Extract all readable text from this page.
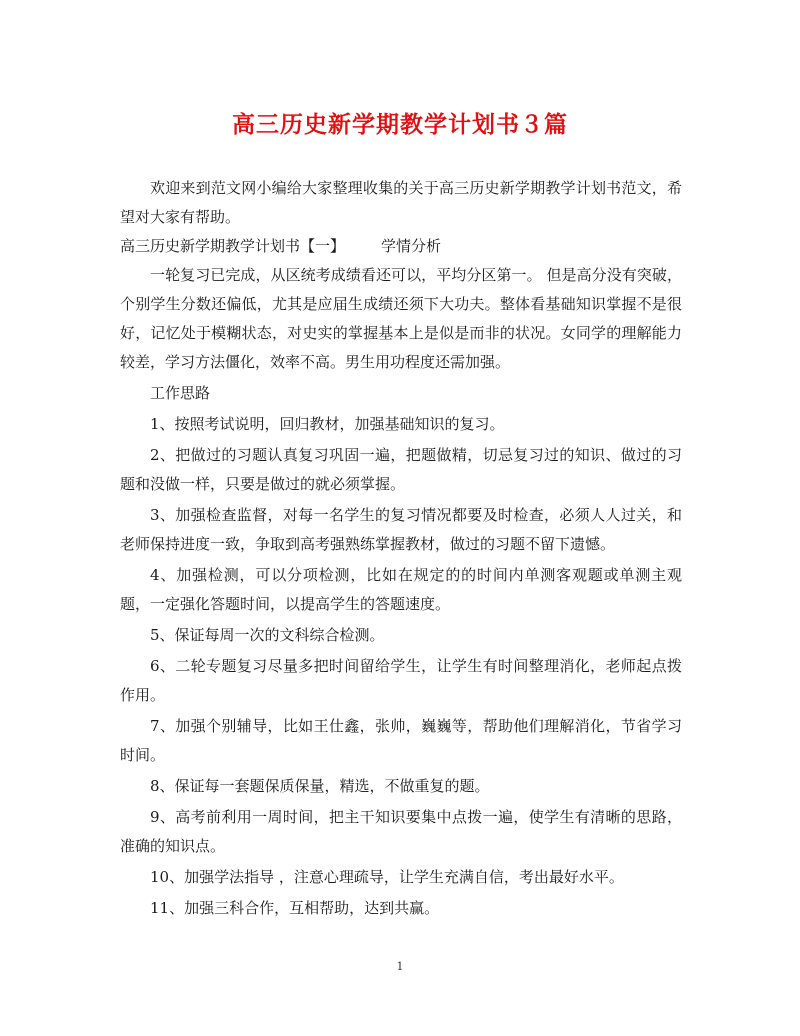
高三历史新学期教学计划书３篇

欢迎来到范文网小编给大家整理收集的关于高三历史新学期教学计划书范文，希望对大家有帮助。

高三历史新学期教学计划书【一】 学情分析

一轮复习已完成，从区统考成绩看还可以，平均分区第一。 但是高分没有突破，个别学生分数还偏低，尤其是应届生成绩还须下大功夫。整体看基础知识掌握不是很好，记忆处于模糊状态，对史实的掌握基本上是似是而非的状况。女同学的理解能力较差，学习方法僵化，效率不高。男生用功程度还需加强。

工作思路

1、按照考试说明，回归教材，加强基础知识的复习。

2、把做过的习题认真复习巩固一遍，把题做精，切忌复习过的知识、做过的习题和没做一样，只要是做过的就必须掌握。

3、加强检查监督，对每一名学生的复习情况都要及时检查，必须人人过关，和老师保持进度一致，争取到高考强熟练掌握教材，做过的习题不留下遗憾。

4、加强检测，可以分项检测，比如在规定的的时间内单测客观题或单测主观题，一定强化答题时间，以提高学生的答题速度。

5、保证每周一次的文科综合检测。

6、二轮专题复习尽量多把时间留给学生，让学生有时间整理消化，老师起点拨作用。

7、加强个别辅导，比如王仕鑫，张帅，巍巍等，帮助他们理解消化，节省学习时间。

8、保证每一套题保质保量，精选，不做重复的题。

9、高考前利用一周时间，把主干知识要集中点拨一遍，使学生有清晰的思路，准确的知识点。

10、加强学法指导 ，注意心理疏导，让学生充满自信，考出最好水平。

11、加强三科合作，互相帮助，达到共赢。

1
